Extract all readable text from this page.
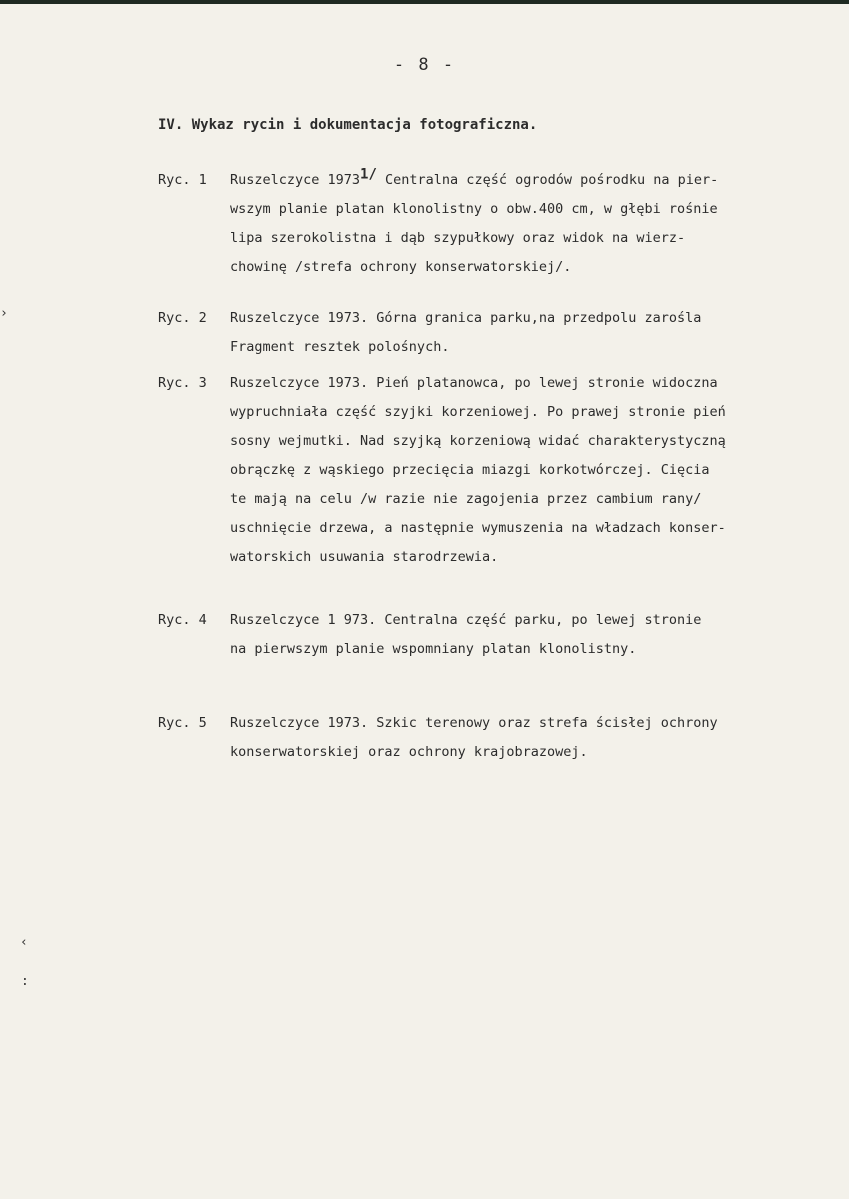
- 8 -
IV. Wykaz rycin i dokumentacja fotograficzna.
Ryc. 1 Ruszelczyce $1973^{1/}$ Centralna część ogrodów pośrodku na pier-
wszym planie platan klonolistny o obw.400 cm, w głębi rośnie
lipa szerokolistna i dąb szypułkowy oraz widok na wierz-
chowinę /strefa ochrony konserwatorskiej/.
Ryc. 2 Ruszelczyce 1973. Górna granica parku,na przedpolu zarośla
Fragment resztek polośnych.
Ryc. 3 Ruszelczyce 1973. Pień platanowca, po lewej stronie widoczna
wypruchniała część szyjki korzeniowej. Po prawej stronie pień
sosny wejmutki. Nad szyjką korzeniową widać charakterystyczną
obrączkę z wąskiego przecięcia miazgi korkotwórczej. Cięcia
te mają na celu /w razie nie zagojenia przez cambium rany/
uschnięcie drzewa, a następnie wymuszenia na władzach konser-
watorskich usuwania starodrzewia.
Ryc. 4 Ruszelczyce 1 973. Centralna część parku, po lewej stronie
na pierwszym planie wspomniany platan klonolistny.
Ryc. 5 Ruszelczyce 1973. Szkic terenowy oraz strefa ścisłej ochrony
konserwatorskiej oraz ochrony krajobrazowej.
›
‹
:
